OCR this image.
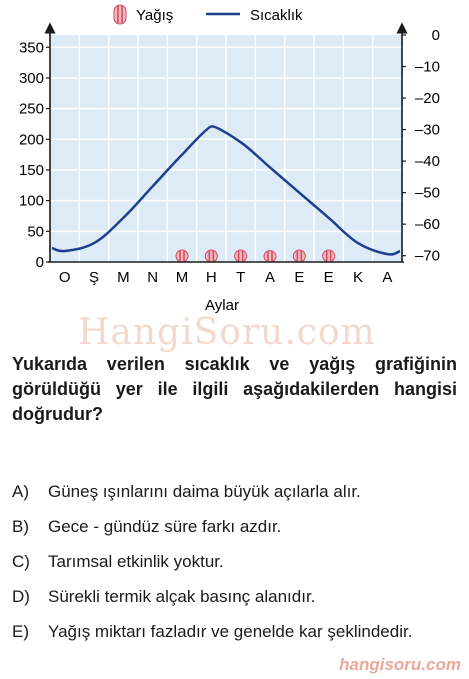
HangiSoru.com
Yağış	Sıcaklık
0
50
100
150
200
250
300
350
0
–10
–20
–30
–40
–50
–60
–70
O Ş M N M H T A E E K A
Aylar
Yukarıda verilen sıcaklık ve yağış grafiğinin görüldüğü yer ile ilgili aşağıdakilerden hangisi doğrudur?
A)	Güneş ışınlarını daima büyük açılarla alır.
B)	Gece - gündüz süre farkı azdır.
C)	Tarımsal etkinlik yoktur.
D)	Sürekli termik alçak basınç alanıdır.
E)	Yağış miktarı fazladır ve genelde kar şeklindedir.
hangisoru.com
